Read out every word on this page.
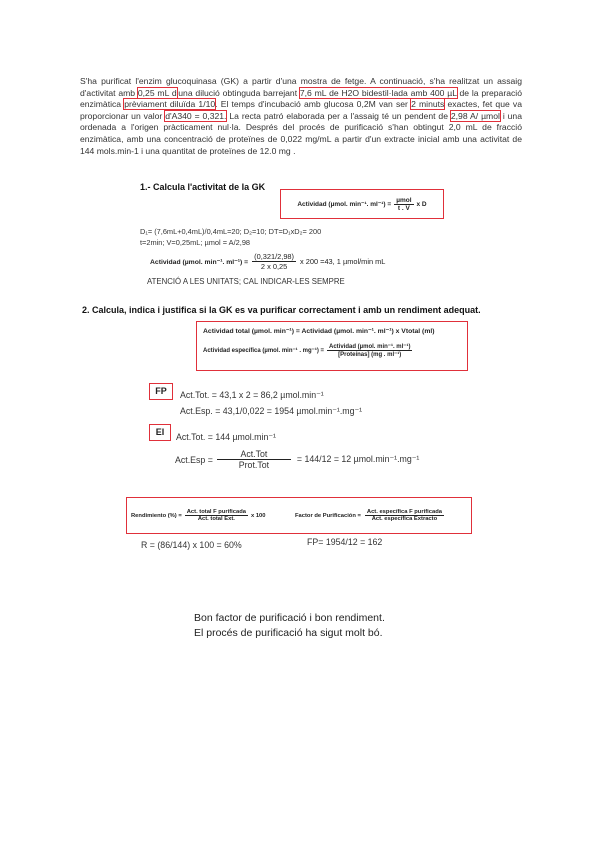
S'ha purificat l'enzim glucoquinasa (GK) a partir d'una mostra de fetge. A continuació, s'ha realitzat un assaig d'activitat amb 0,25 mL d'una dilució obtinguda barrejant 7,6 mL de H2O bidestil·lada amb 400 µL de la preparació enzimàtica prèviament diluïda 1/10. El temps d'incubació amb glucosa 0,2M van ser 2 minuts exactes, fet que va proporcionar un valor d'A340 = 0,321. La recta patró elaborada per a l'assaig té un pendent de 2,98 A/ µmol i una ordenada a l'origen pràcticament nul·la. Després del procés de purificació s'han obtingut 2,0 mL de fracció enzimàtica, amb una concentració de proteïnes de 0,022 mg/mL a partir d'un extracte inicial amb una activitat de 144 mols.min-1 i una quantitat de proteïnes de 12.0 mg .
1.- Calcula l'activitat de la GK
Actividad (µmol. min⁻¹. $ml^{-1}) = \frac{\text{µmol}}{t . V}$ x D
D₁= (7,6mL+0,4mL)/0,4mL=20; D₂=10; DT=D₁xD₂= 200
t=2min; V=0,25mL; µmol = A/2,98
Actividad (µmol. min⁻¹. $ml^{-1}) = \frac{(0,321/2,98)}{2 x 0,25}$ x 200 =43, 1 µmol/min mL
ATENCIÓ A LES UNITATS; CAL INDICAR-LES SEMPRE
2. Calcula, indica i justifica si la GK es va purificar correctament i amb un rendiment adequat.
Actividad total (µmol. min⁻¹) = Actividad (µmol. min⁻¹. ml⁻¹) x Vtotal (ml)
Actividad específica (µmol. min⁻¹ . $mg^{-1}) = \frac{\text{Actividad (µmol. min⁻¹. ml⁻¹)}}{\text{[Proteínas] (mg . ml⁻¹)}}$
FP	Act.Tot. = 43,1 x 2 = 86,2 µmol.min⁻¹
Act.Esp. = 43,1/0,022 = 1954 µmol.min⁻¹.mg⁻¹
EI	Act.Tot. = 144 µmol.min⁻¹
$Act.Esp = \frac{\text{Act.Tot}}{\text{Prot.Tot}} = 144/12 = 12$ µmol.min⁻¹.mg⁻¹
Rendimiento (%) = $\frac{\text{Act. total F purificada}}{\text{Act. total Ext.}}$ x 100	Factor de Purificación = $\frac{\text{Act. específica F purificada}}{\text{Act. específica Extracto}}$
R = (86/144) x 100 = 60%	FP= 1954/12 = 162
Bon factor de purificació i bon rendiment.
El procés de purificació ha sigut molt bó.
